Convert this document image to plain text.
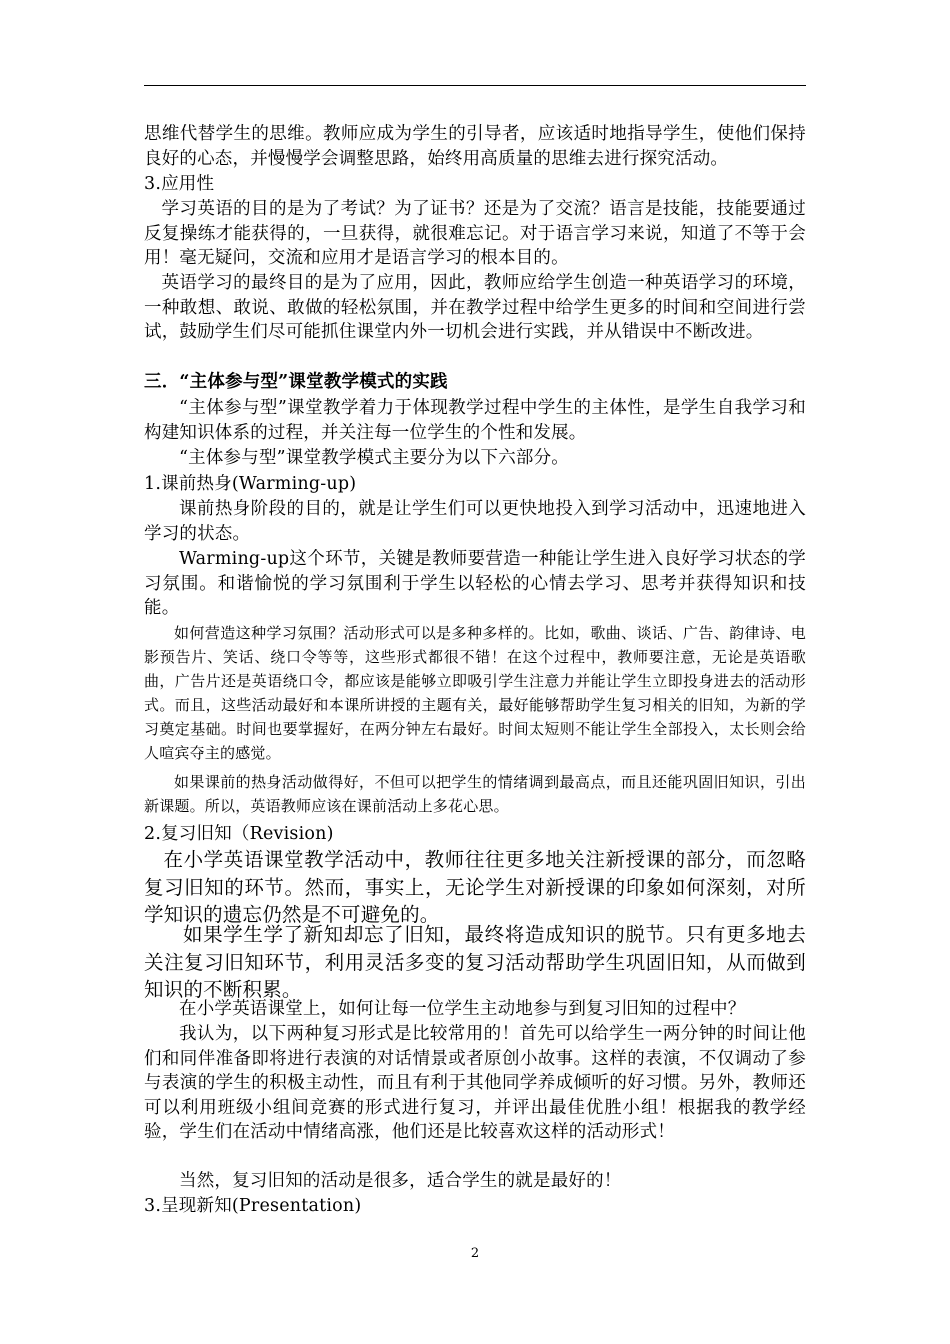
思维代替学生的思维。教师应成为学生的引导者，应该适时地指导学生，使他们保持良好的心态，并慢慢学会调整思路，始终用高质量的思维去进行探究活动。

3.应用性

学习英语的目的是为了考试？为了证书？还是为了交流？语言是技能，技能要通过反复操练才能获得的，一旦获得，就很难忘记。对于语言学习来说，知道了不等于会用！毫无疑问，交流和应用才是语言学习的根本目的。

英语学习的最终目的是为了应用，因此，教师应给学生创造一种英语学习的环境，一种敢想、敢说、敢做的轻松氛围，并在教学过程中给学生更多的时间和空间进行尝试，鼓励学生们尽可能抓住课堂内外一切机会进行实践，并从错误中不断改进。

三．“主体参与型”课堂教学模式的实践

“主体参与型”课堂教学着力于体现教学过程中学生的主体性，是学生自我学习和构建知识体系的过程，并关注每一位学生的个性和发展。

“主体参与型”课堂教学模式主要分为以下六部分。

1.课前热身(Warming-up)

课前热身阶段的目的，就是让学生们可以更快地投入到学习活动中，迅速地进入学习的状态。

Warming-up这个环节，关键是教师要营造一种能让学生进入良好学习状态的学习氛围。和谐愉悦的学习氛围利于学生以轻松的心情去学习、思考并获得知识和技能。

如何营造这种学习氛围？活动形式可以是多种多样的。比如，歌曲、谈话、广告、韵律诗、电影预告片、笑话、绕口令等等，这些形式都很不错！在这个过程中，教师要注意，无论是英语歌曲，广告片还是英语绕口令，都应该是能够立即吸引学生注意力并能让学生立即投身进去的活动形式。而且，这些活动最好和本课所讲授的主题有关，最好能够帮助学生复习相关的旧知，为新的学习奠定基础。时间也要掌握好，在两分钟左右最好。时间太短则不能让学生全部投入，太长则会给人喧宾夺主的感觉。

如果课前的热身活动做得好，不但可以把学生的情绪调到最高点，而且还能巩固旧知识，引出新课题。所以，英语教师应该在课前活动上多花心思。

2.复习旧知（Revision)

在小学英语课堂教学活动中，教师往往更多地关注新授课的部分，而忽略复习旧知的环节。然而，事实上，无论学生对新授课的印象如何深刻，对所学知识的遗忘仍然是不可避免的。

如果学生学了新知却忘了旧知，最终将造成知识的脱节。只有更多地去关注复习旧知环节，利用灵活多变的复习活动帮助学生巩固旧知，从而做到知识的不断积累。

在小学英语课堂上，如何让每一位学生主动地参与到复习旧知的过程中？

我认为，以下两种复习形式是比较常用的！首先可以给学生一两分钟的时间让他们和同伴准备即将进行表演的对话情景或者原创小故事。这样的表演，不仅调动了参与表演的学生的积极主动性，而且有利于其他同学养成倾听的好习惯。另外，教师还可以利用班级小组间竞赛的形式进行复习，并评出最佳优胜小组！根据我的教学经验，学生们在活动中情绪高涨，他们还是比较喜欢这样的活动形式！

当然，复习旧知的活动是很多，适合学生的就是最好的！

3.呈现新知(Presentation)

2
